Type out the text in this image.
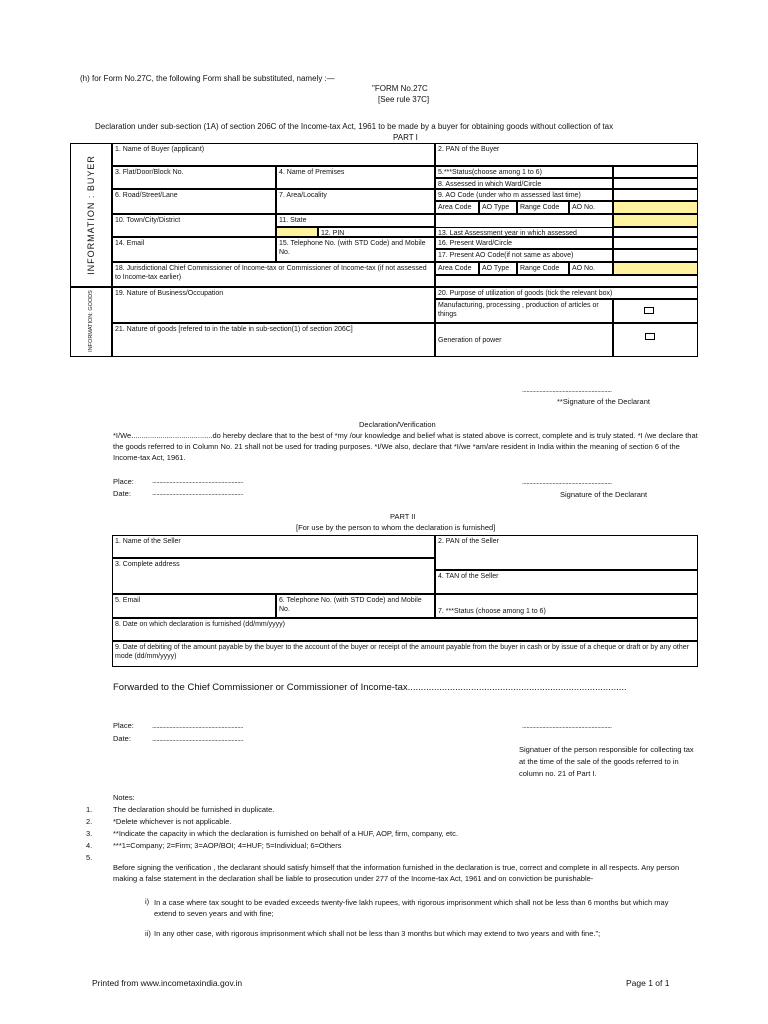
(h) for Form No.27C, the following Form shall be substituted, namely :—
"FORM No.27C
[See rule 37C]
Declaration under sub-section (1A) of section 206C of the Income-tax Act, 1961 to be made by a buyer for obtaining goods without collection of tax
PART I
INFORMATION : BUYER
INFORMATION: GOODS
1. Name of Buyer (applicant)	2. PAN of the Buyer
3. Flat/Door/Block No.	4. Name of Premises	5.***Status(choose among 1 to 6)
8. Assessed in which Ward/Circle
6. Road/Street/Lane	7. Area/Locality	9. AO Code (under who m assessed last time)
Area Code	AO Type	Range Code	AO No.
10. Town/City/District	11. State
12. PIN	13. Last Assessment year in which assessed
14. Email	15. Telephone No. (with STD Code) and Mobile No.
16. Present Ward/Circle
17. Present AO Code(if not same as above)
18. Jurisdictional Chief Commissioner of Income-tax or Commissioner of Income-tax (if not assessed to Income-tax earlier)
Area Code	AO Type	Range Code	AO No.
19. Nature of Business/Occupation	20. Purpose of utilization of goods (tick the relevant box)
Manufacturing, processing , production of articles or things
21. Nature of goods [refered to in the table in sub-section(1) of section 206C]
Generation of power
..............................................................
**Signature of the Declarant
Declaration/Verification
*I/We.......................................do hereby declare that to the best of *my /our knowledge and belief what is stated above is correct, complete and is truly stated. *I /we declare that the goods referred to in Column No. 21 shall not be used for trading purposes. *I/We also, declare that *I/we *am/are resident in India within the meaning of section 6 of the Income-tax Act, 1961.
Place:	...............................................................
Date:	...............................................................
..............................................................
Signature of the Declarant
PART II
[For use by the person to whom the declaration is furnished]
1. Name of the Seller	2. PAN of the Seller
3. Complete address
4. TAN of the Seller
5. Email	6. Telephone No. (with STD Code) and Mobile No.	7. ***Status (choose among 1 to 6)
8. Date on which declaration is furnished (dd/mm/yyyy)
9. Date of debiting of the amount payable by the buyer to the account of the buyer or receipt of the amount payable from the buyer in cash or by issue of a cheque or draft or by any other mode (dd/mm/yyyy)
Forwarded to the Chief Commissioner or Commissioner of Income-tax...................................................................................
Place:	...............................................................
Date:	...............................................................
..............................................................
Signatuer of the person responsible for collecting tax at the time of the sale of the goods referred to in column no. 21 of Part I.
Notes:
1.	The declaration should be furnished in duplicate.
2.	*Delete whichever is not applicable.
3.	**Indicate the capacity in which the declaration is furnished on behalf of a HUF, AOP, firm, company, etc.
4.	***1=Company; 2=Firm; 3=AOP/BOI; 4=HUF; 5=Individual; 6=Others
5.
Before signing the verification , the declarant should satisfy himself that the information furnished in the declaration is true, correct and complete in all respects. Any person making a false statement in the declaration shall be liable to prosecution under 277 of the Income-tax Act, 1961 and on conviction be punishable-
i) In a case where tax sought to be evaded exceeds twenty-five lakh rupees, with rigorous imprisonment which shall not be less than 6 months but which may extend to seven years and with fine;
ii) In any other case, with rigorous imprisonment which shall not be less than 3 months but which may extend to two years and with fine.";
Printed from www.incometaxindia.gov.in	Page 1 of 1
